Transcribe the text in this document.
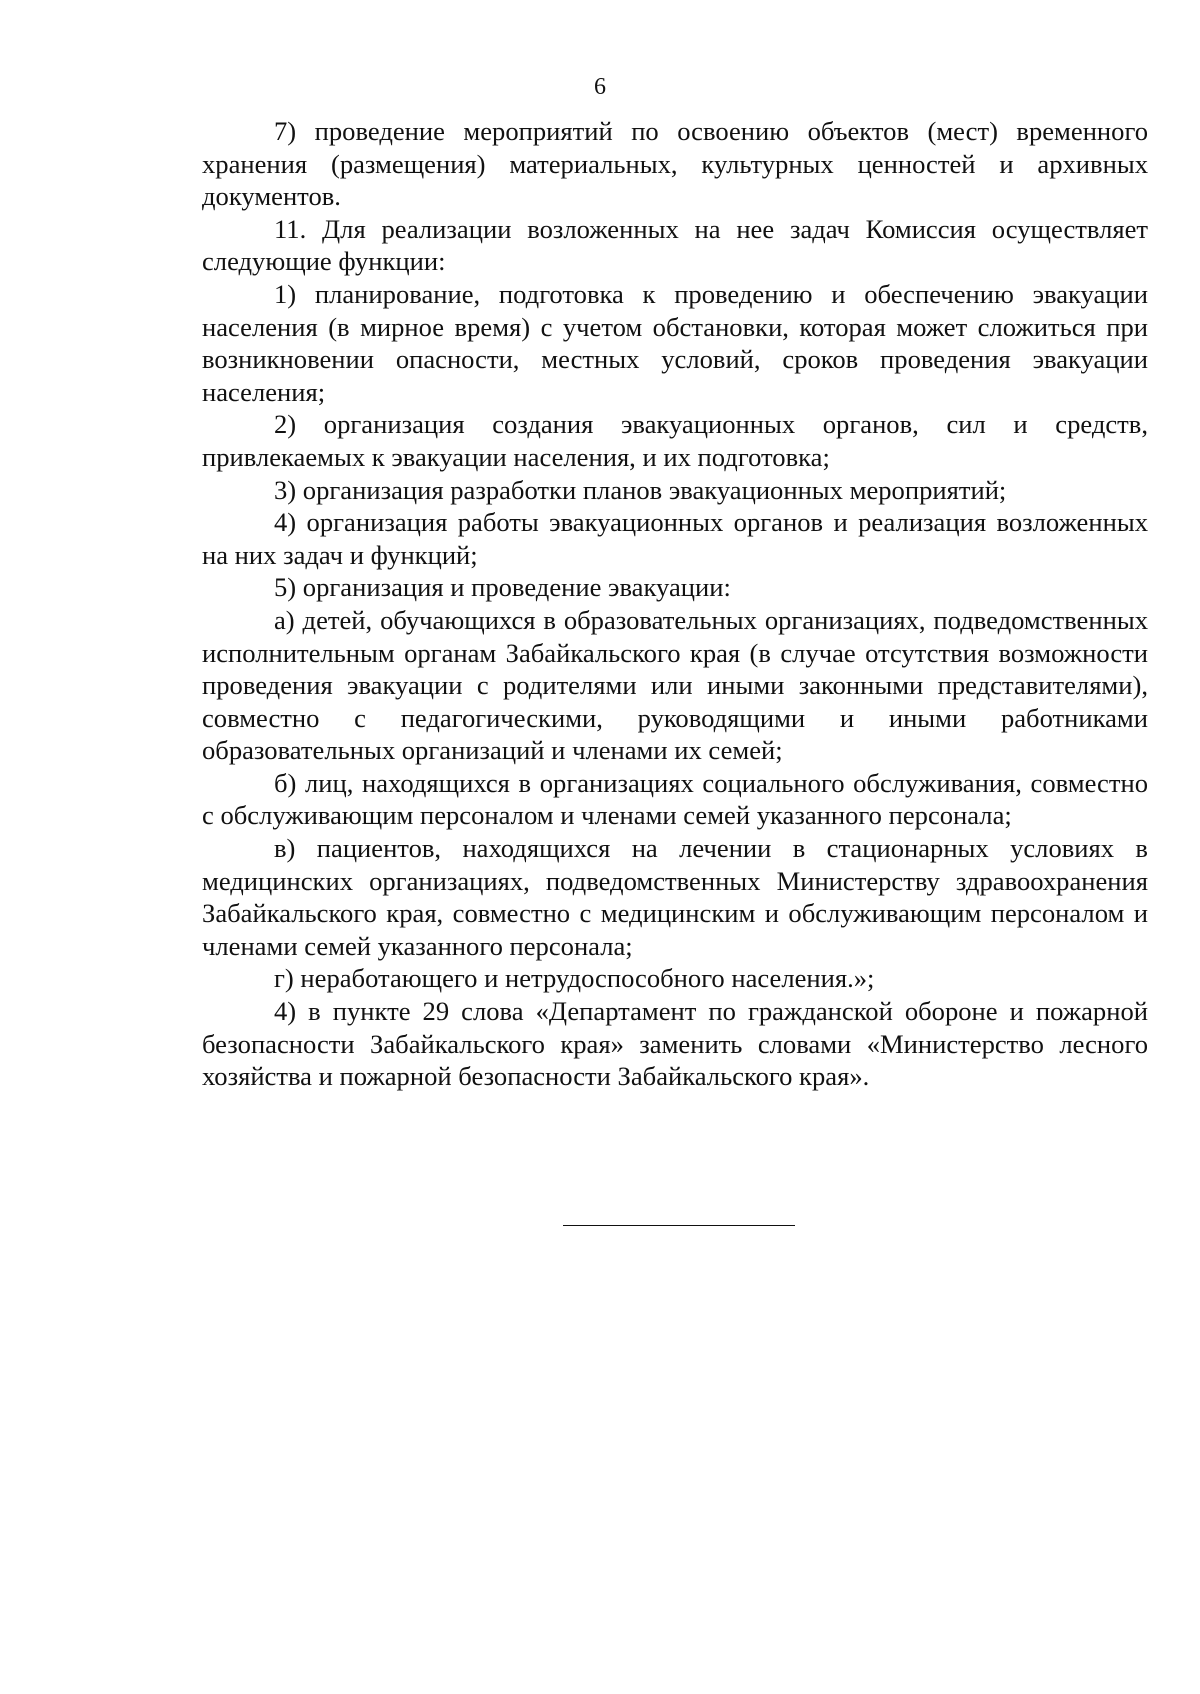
6

7) проведение мероприятий по освоению объектов (мест) временного хранения (размещения) материальных, культурных ценностей и архивных документов.

11. Для реализации возложенных на нее задач Комиссия осуществляет следующие функции:

1) планирование, подготовка к проведению и обеспечению эвакуации населения (в мирное время) с учетом обстановки, которая может сложиться при возникновении опасности, местных условий, сроков проведения эвакуации населения;

2) организация создания эвакуационных органов, сил и средств, привлекаемых к эвакуации населения, и их подготовка;

3) организация разработки планов эвакуационных мероприятий;

4) организация работы эвакуационных органов и реализация возложенных на них задач и функций;

5) организация и проведение эвакуации:

а) детей, обучающихся в образовательных организациях, подведомственных исполнительным органам Забайкальского края (в случае отсутствия возможности проведения эвакуации с родителями или иными законными представителями), совместно с педагогическими, руководящими и иными работниками образовательных организаций и членами их семей;

б) лиц, находящихся в организациях социального обслуживания, совместно с обслуживающим персоналом и членами семей указанного персонала;

в) пациентов, находящихся на лечении в стационарных условиях в медицинских организациях, подведомственных Министерству здравоохранения Забайкальского края, совместно с медицинским и обслуживающим персоналом и членами семей указанного персонала;

г) неработающего и нетрудоспособного населения.»;

4) в пункте 29 слова «Департамент по гражданской обороне и пожарной безопасности Забайкальского края» заменить словами «Министерство лесного хозяйства и пожарной безопасности Забайкальского края».
